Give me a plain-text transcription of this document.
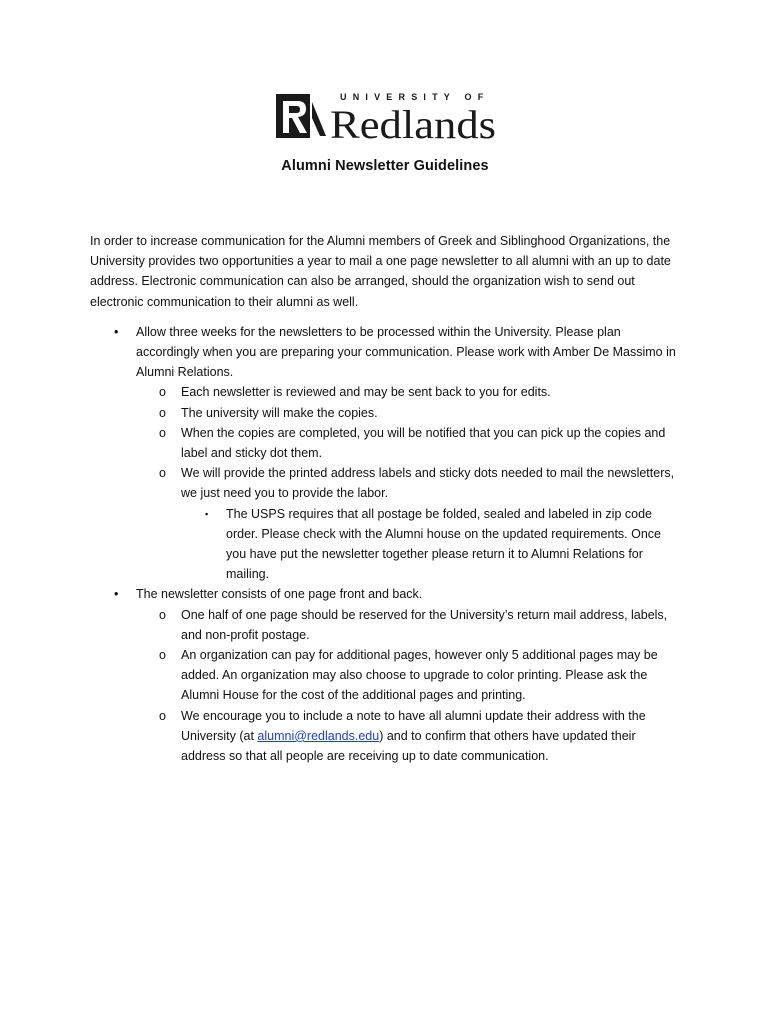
UNIVERSITY OF
Redlands
Alumni Newsletter Guidelines

In order to increase communication for the Alumni members of Greek and Siblinghood Organizations, the University provides two opportunities a year to mail a one page newsletter to all alumni with an up to date address. Electronic communication can also be arranged, should the organization wish to send out electronic communication to their alumni as well.

• Allow three weeks for the newsletters to be processed within the University. Please plan accordingly when you are preparing your communication. Please work with Amber De Massimo in Alumni Relations.
o Each newsletter is reviewed and may be sent back to you for edits.
o The university will make the copies.
o When the copies are completed, you will be notified that you can pick up the copies and label and sticky dot them.
o We will provide the printed address labels and sticky dots needed to mail the newsletters, we just need you to provide the labor.
▪ The USPS requires that all postage be folded, sealed and labeled in zip code order. Please check with the Alumni house on the updated requirements. Once you have put the newsletter together please return it to Alumni Relations for mailing.
• The newsletter consists of one page front and back.
o One half of one page should be reserved for the University’s return mail address, labels, and non-profit postage.
o An organization can pay for additional pages, however only 5 additional pages may be added. An organization may also choose to upgrade to color printing. Please ask the Alumni House for the cost of the additional pages and printing.
o We encourage you to include a note to have all alumni update their address with the University (at alumni@redlands.edu) and to confirm that others have updated their address so that all people are receiving up to date communication.
